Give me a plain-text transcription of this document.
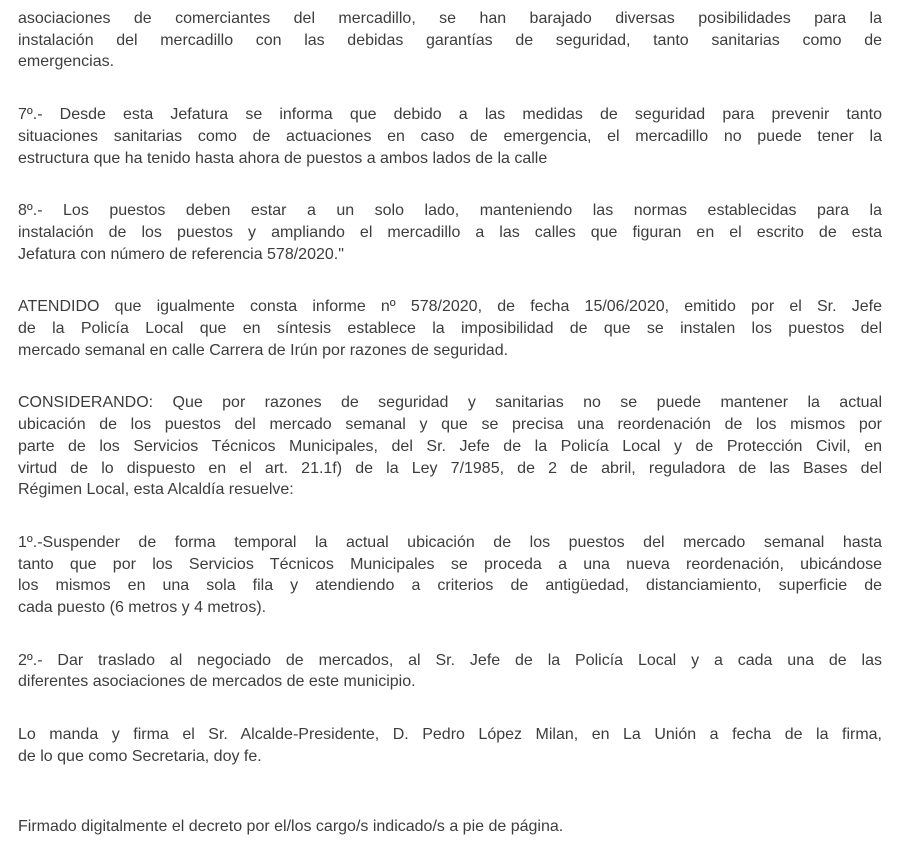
asociaciones de comerciantes del mercadillo, se han barajado diversas posibilidades para la
instalación del mercadillo con las debidas garantías de seguridad, tanto sanitarias como de
emergencias.
7º.- Desde esta Jefatura se informa que debido a las medidas de seguridad para prevenir tanto
situaciones sanitarias como de actuaciones en caso de emergencia, el mercadillo no puede tener la
estructura que ha tenido hasta ahora de puestos a ambos lados de la calle
8º.- Los puestos deben estar a un solo lado, manteniendo las normas establecidas para la
instalación de los puestos y ampliando el mercadillo a las calles que figuran en el escrito de esta
Jefatura con número de referencia 578/2020."
ATENDIDO que igualmente consta informe nº 578/2020, de fecha 15/06/2020, emitido por el Sr. Jefe
de la Policía Local que en síntesis establece la imposibilidad de que se instalen los puestos del
mercado semanal en calle Carrera de Irún por razones de seguridad.
CONSIDERANDO: Que por razones de seguridad y sanitarias no se puede mantener la actual
ubicación de los puestos del mercado semanal y que se precisa una reordenación de los mismos por
parte de los Servicios Técnicos Municipales, del Sr. Jefe de la Policía Local y de Protección Civil, en
virtud de lo dispuesto en el art. 21.1f) de la Ley 7/1985, de 2 de abril, reguladora de las Bases del
Régimen Local, esta Alcaldía resuelve:
1º.-Suspender de forma temporal la actual ubicación de los puestos del mercado semanal hasta
tanto que por los Servicios Técnicos Municipales se proceda a una nueva reordenación, ubicándose
los mismos en una sola fila y atendiendo a criterios de antigüedad, distanciamiento, superficie de
cada puesto (6 metros y 4 metros).
2º.- Dar traslado al negociado de mercados, al Sr. Jefe de la Policía Local y a cada una de las
diferentes asociaciones de mercados de este municipio.
Lo manda y firma el Sr. Alcalde-Presidente, D. Pedro López Milan, en La Unión a fecha de la firma,
de lo que como Secretaria, doy fe.
Firmado digitalmente el decreto por el/los cargo/s indicado/s a pie de página.
